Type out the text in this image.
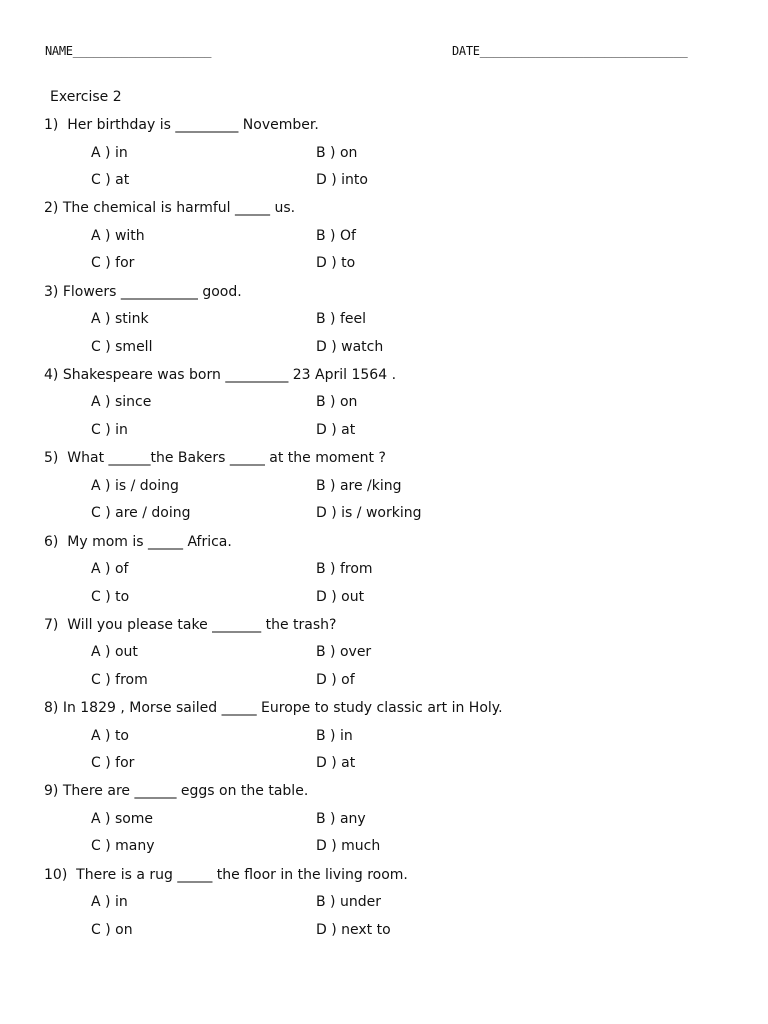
NAME____________________	DATE______________________________
Exercise 2
1)  Her birthday is _________ November.
A ) in	B ) on
C ) at	D ) into
2) The chemical is harmful _____ us.
A ) with	B ) Of
C ) for	D ) to
3) Flowers ___________ good.
A ) stink	B ) feel
C ) smell	D ) watch
4) Shakespeare was born _________ 23 April 1564 .
A ) since	B ) on
C ) in	D ) at
5)  What ______the Bakers _____ at the moment ?
A ) is / doing	B ) are /king
C ) are / doing	D ) is / working
6)  My mom is _____ Africa.
A ) of	B ) from
C ) to	D ) out
7)  Will you please take _______ the trash?
A ) out	B ) over
C ) from	D ) of
8) In 1829 , Morse sailed _____ Europe to study classic art in Holy.
A ) to	B ) in
C ) for	D ) at
9) There are ______ eggs on the table.
A ) some	B ) any
C ) many	D ) much
10)  There is a rug _____ the floor in the living room.
A ) in	B ) under
C ) on	D ) next to
